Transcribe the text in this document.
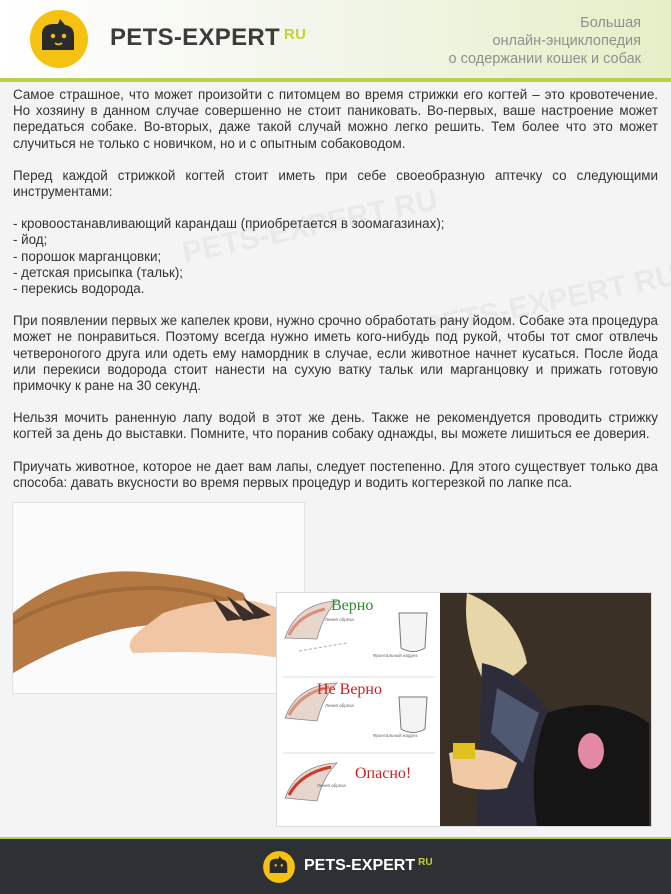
PETS-EXPERT $^{RU}$
Большая
онлайн-энциклопедия
о содержании кошек и собак

Самое страшное, что может произойти с питомцем во время стрижки его когтей – это кровотечение. Но хозяину в данном случае совершенно не стоит паниковать. Во-первых, ваше настроение может передаться собаке. Во-вторых, даже такой случай можно легко решить. Тем более что это может случиться не только с новичком, но и с опытным собаководом.

Перед каждой стрижкой когтей стоит иметь при себе своеобразную аптечку со следующими инструментами:

- кровоостанавливающий карандаш (приобретается в зоомагазинах);
- йод;
- порошок марганцовки;
- детская присыпка (тальк);
- перекись водорода.

При появлении первых же капелек крови, нужно срочно обработать рану йодом. Собаке эта процедура может не понравиться. Поэтому всегда нужно иметь кого-нибудь под рукой, чтобы тот смог отвлечь четвероногого друга или одеть ему намордник в случае, если животное начнет кусаться. После йода или перекиси водорода стоит нанести на сухую ватку тальк или марганцовку и прижать готовую примочку к ране на 30 секунд.

Нельзя мочить раненную лапу водой в этот же день. Также не рекомендуется проводить стрижку когтей за день до выставки. Помните, что поранив собаку однажды, вы можете лишиться ее доверия.

Приучать животное, которое не дает вам лапы, следует постепенно. Для этого существует только два способа: давать вкусности во время первых процедур и водить когтерезкой по лапке пса.

Верно
Линия обреза
Фронтальный надрез
Не Верно
Линия обреза
Фронтальный надрез
Опасно!
Линия обреза
PETS-EXPERT $^{RU}$
